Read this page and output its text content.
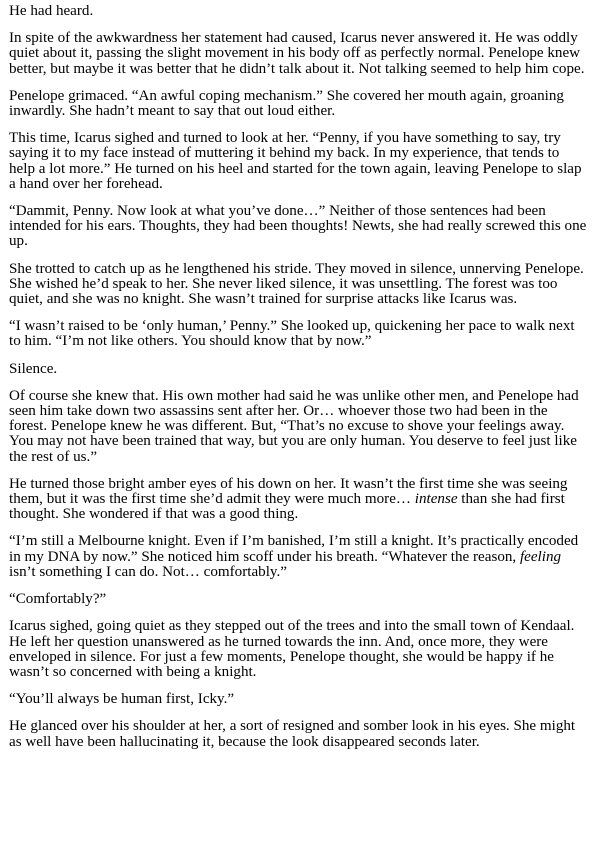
He had heard.

In spite of the awkwardness her statement had caused, Icarus never answered it. He was oddly quiet about it, passing the slight movement in his body off as perfectly normal. Penelope knew better, but maybe it was better that he didn’t talk about it. Not talking seemed to help him cope.

Penelope grimaced. “An awful coping mechanism.” She covered her mouth again, groaning inwardly. She hadn’t meant to say that out loud either.

This time, Icarus sighed and turned to look at her. “Penny, if you have something to say, try saying it to my face instead of muttering it behind my back. In my experience, that tends to help a lot more.” He turned on his heel and started for the town again, leaving Penelope to slap a hand over her forehead.

“Dammit, Penny. Now look at what you’ve done…” Neither of those sentences had been intended for his ears. Thoughts, they had been thoughts! Newts, she had really screwed this one up.

She trotted to catch up as he lengthened his stride. They moved in silence, unnerving Penelope. She wished he’d speak to her. She never liked silence, it was unsettling. The forest was too quiet, and she was no knight. She wasn’t trained for surprise attacks like Icarus was.

“I wasn’t raised to be ‘only human,’ Penny.” She looked up, quickening her pace to walk next to him. “I’m not like others. You should know that by now.”

Silence.

Of course she knew that. His own mother had said he was unlike other men, and Penelope had seen him take down two assassins sent after her. Or… whoever those two had been in the forest. Penelope knew he was different. But, “That’s no excuse to shove your feelings away. You may not have been trained that way, but you are only human. You deserve to feel just like the rest of us.”

He turned those bright amber eyes of his down on her. It wasn’t the first time she was seeing them, but it was the first time she’d admit they were much more… intense than she had first thought. She wondered if that was a good thing.

“I’m still a Melbourne knight. Even if I’m banished, I’m still a knight. It’s practically encoded in my DNA by now.” She noticed him scoff under his breath. “Whatever the reason, feeling isn’t something I can do. Not… comfortably.”

“Comfortably?”

Icarus sighed, going quiet as they stepped out of the trees and into the small town of Kendaal. He left her question unanswered as he turned towards the inn. And, once more, they were enveloped in silence. For just a few moments, Penelope thought, she would be happy if he wasn’t so concerned with being a knight.

“You’ll always be human first, Icky.”

He glanced over his shoulder at her, a sort of resigned and somber look in his eyes. She might as well have been hallucinating it, because the look disappeared seconds later.
